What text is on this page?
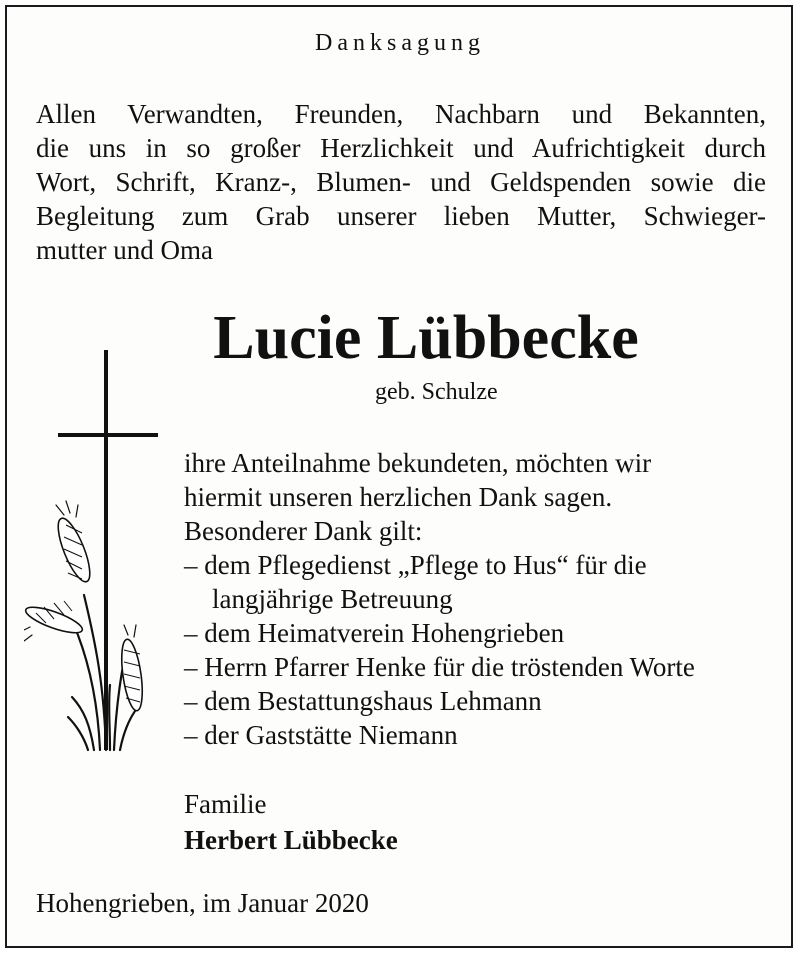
Danksagung
Allen Verwandten, Freunden, Nachbarn und Bekannten,
die uns in so großer Herzlichkeit und Aufrichtigkeit durch
Wort, Schrift, Kranz-, Blumen- und Geldspenden sowie die
Begleitung zum Grab unserer lieben Mutter, Schwieger-
mutter und Oma
Lucie Lübbecke
geb. Schulze
ihre Anteilnahme bekundeten, möchten wir
hiermit unseren herzlichen Dank sagen.
Besonderer Dank gilt:
– dem Pflegedienst „Pflege to Hus“ für die
langjährige Betreuung
– dem Heimatverein Hohengrieben
– Herrn Pfarrer Henke für die tröstenden Worte
– dem Bestattungshaus Lehmann
– der Gaststätte Niemann
Familie
Herbert Lübbecke
Hohengrieben, im Januar 2020
